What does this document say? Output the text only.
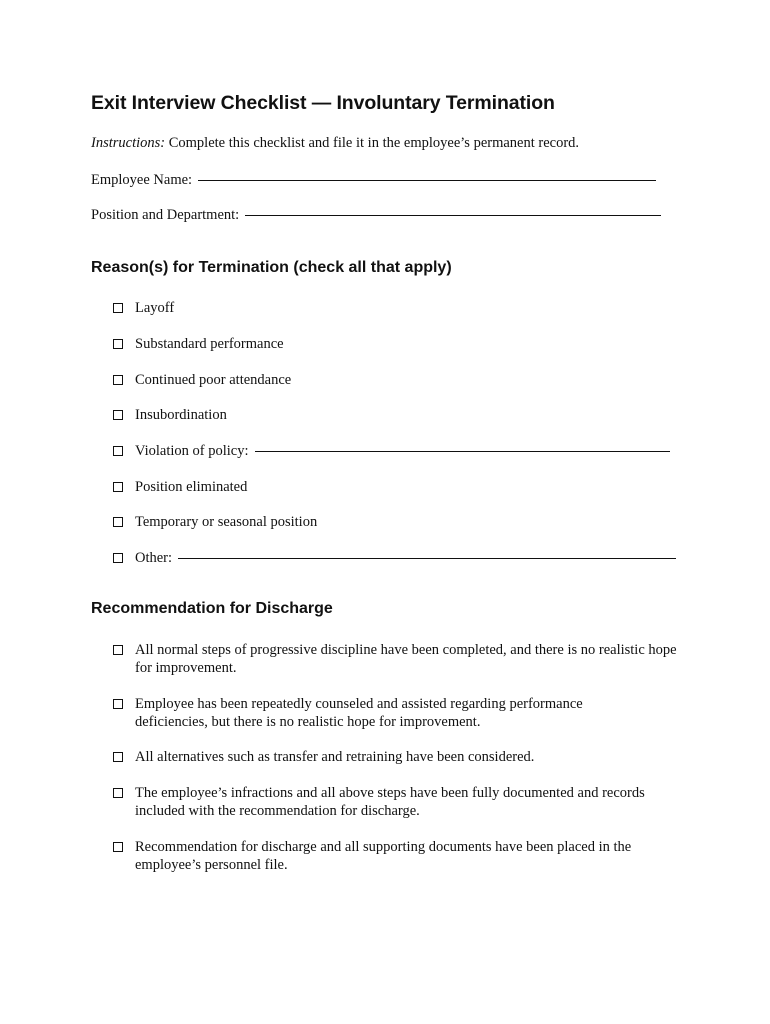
Exit Interview Checklist — Involuntary Termination
Instructions: Complete this checklist and file it in the employee’s permanent record.
Employee Name:
Position and Department:
Reason(s) for Termination (check all that apply)
Layoff
Substandard performance
Continued poor attendance
Insubordination
Violation of policy:
Position eliminated
Temporary or seasonal position
Other:
Recommendation for Discharge
All normal steps of progressive discipline have been completed, and there is no realistic hope for improvement.
Employee has been repeatedly counseled and assisted regarding performance deficiencies, but there is no realistic hope for improvement.
All alternatives such as transfer and retraining have been considered.
The employee’s infractions and all above steps have been fully documented and records included with the recommendation for discharge.
Recommendation for discharge and all supporting documents have been placed in the employee’s personnel file.
